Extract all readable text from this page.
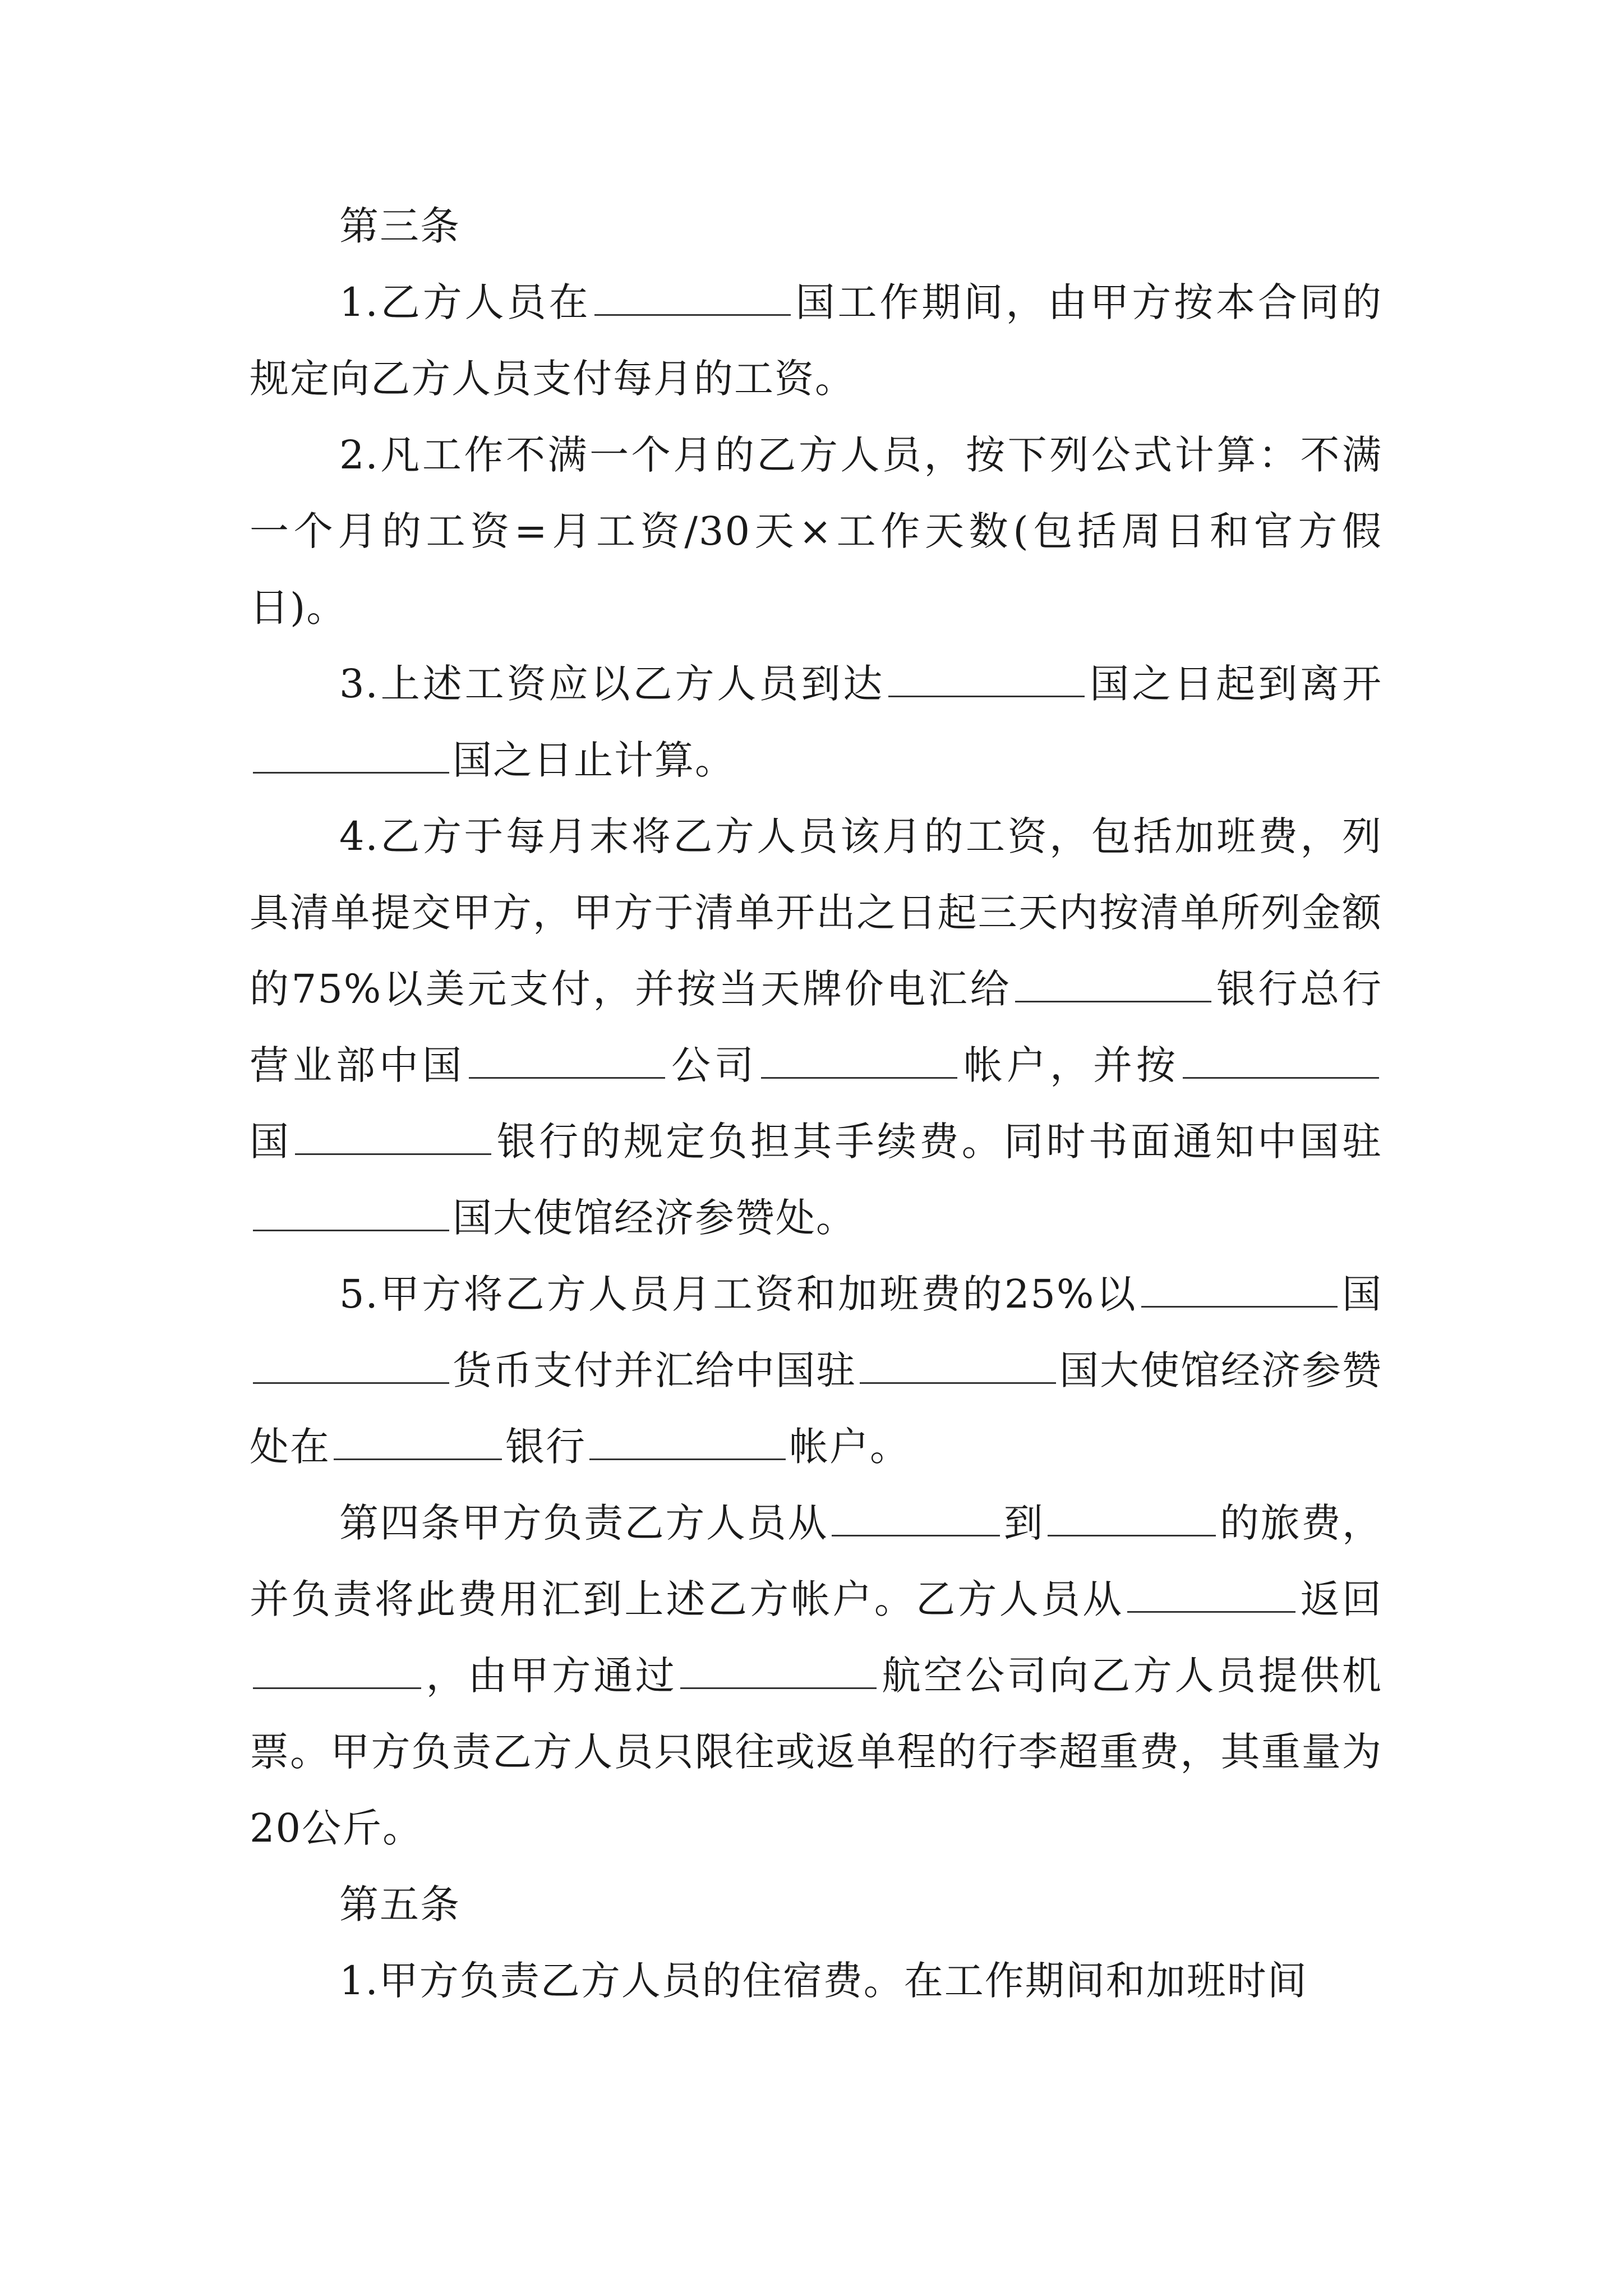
第三条

1.乙方人员在	国工作期间，由甲方按本合同的规定向乙方人员支付每月的工资。

2.凡工作不满一个月的乙方人员，按下列公式计算：不满一个月的工资=月工资/30天×工作天数(包括周日和官方假日)。

3.上述工资应以乙方人员到达	国之日起到离开国之日止计算。

4.乙方于每月末将乙方人员该月的工资，包括加班费，列具清单提交甲方，甲方于清单开出之日起三天内按清单所列金额的75%以美元支付，并按当天牌价电汇给	银行总行营业部中国	公司	帐户，并按国	银行的规定负担其手续费。同时书面通知中国驻国大使馆经济参赞处。

5.甲方将乙方人员月工资和加班费的25%以	国货币支付并汇给中国驻	国大使馆经济参赞处在	银行	帐户。

第四条甲方负责乙方人员从	到	的旅费，并负责将此费用汇到上述乙方帐户。乙方人员从	返回，由甲方通过	航空公司向乙方人员提供机票。甲方负责乙方人员只限往或返单程的行李超重费，其重量为20公斤。

第五条

1.甲方负责乙方人员的住宿费。在工作期间和加班时间
